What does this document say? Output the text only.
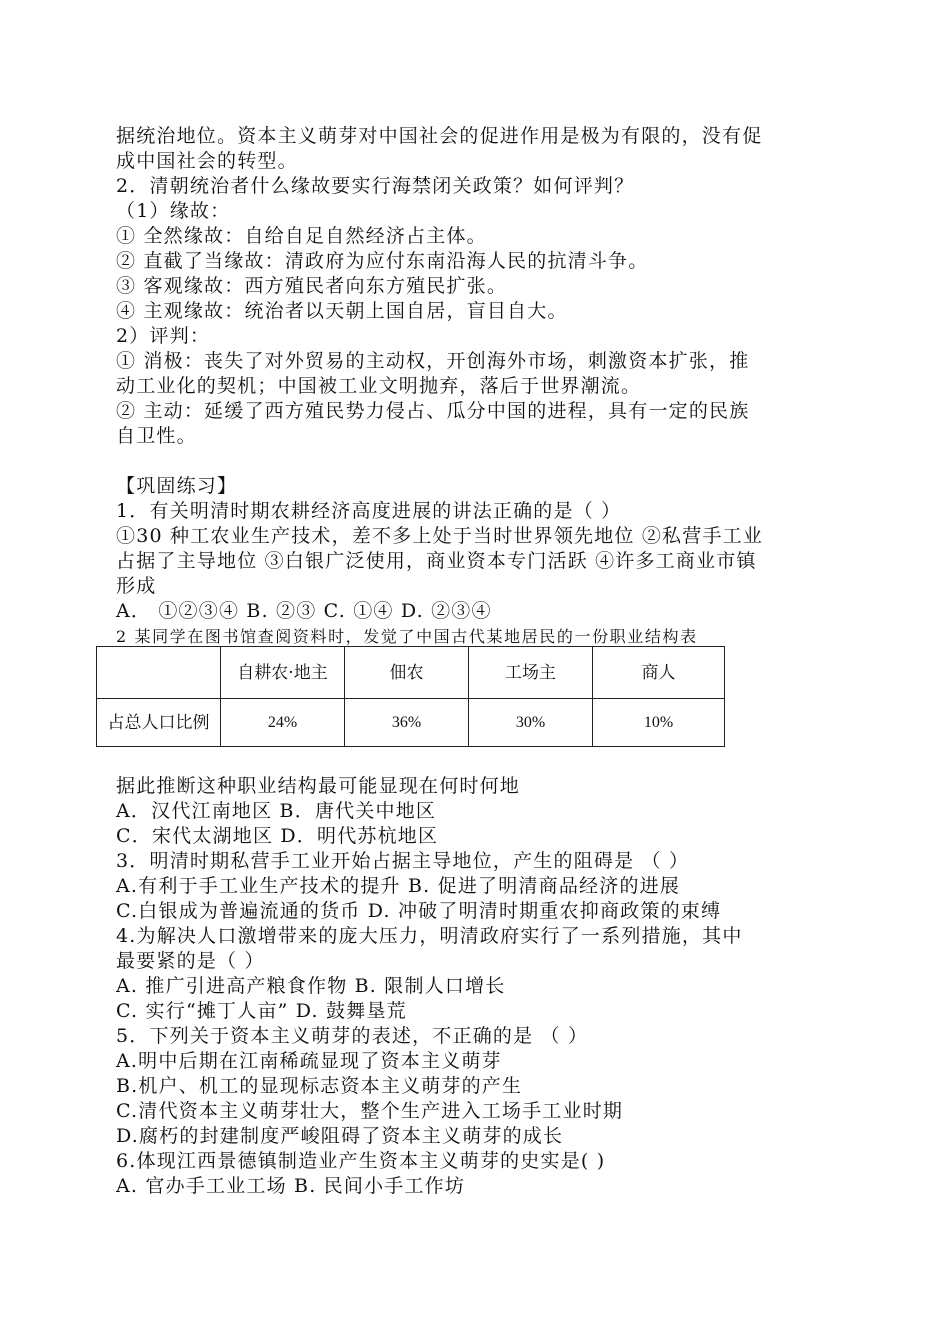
据统治地位。资本主义萌芽对中国社会的促进作用是极为有限的，没有促
成中国社会的转型。
2．清朝统治者什么缘故要实行海禁闭关政策？如何评判？
（1）缘故：
① 全然缘故：自给自足自然经济占主体。
② 直截了当缘故：清政府为应付东南沿海人民的抗清斗争。
③ 客观缘故：西方殖民者向东方殖民扩张。
④ 主观缘故：统治者以天朝上国自居，盲目自大。
2）评判：
① 消极：丧失了对外贸易的主动权，开创海外市场，刺激资本扩张，推
动工业化的契机；中国被工业文明抛弃，落后于世界潮流。
② 主动：延缓了西方殖民势力侵占、瓜分中国的进程，具有一定的民族
自卫性。
【巩固练习】
1．有关明清时期农耕经济高度进展的讲法正确的是（ ）
①30 种工农业生产技术，差不多上处于当时世界领先地位 ②私营手工业
占据了主导地位 ③白银广泛使用，商业资本专门活跃 ④许多工商业市镇
形成
A． ①②③④ B. ②③ C. ①④ D. ②③④
2 某同学在图书馆查阅资料时，发觉了中国古代某地居民的一份职业结构表
	自耕农·地主	佃农	工场主	商人
占总人口比例	24%	36%	30%	10%
据此推断这种职业结构最可能显现在何时何地
A．汉代江南地区 B．唐代关中地区
C．宋代太湖地区 D．明代苏杭地区
3．明清时期私营手工业开始占据主导地位，产生的阻碍是 （ ）
A.有利于手工业生产技术的提升 B. 促进了明清商品经济的进展
C.白银成为普遍流通的货币 D. 冲破了明清时期重农抑商政策的束缚
4.为解决人口激增带来的庞大压力，明清政府实行了一系列措施，其中
最要紧的是（ ）
A. 推广引进高产粮食作物 B. 限制人口增长
C. 实行“摊丁人亩” D. 鼓舞垦荒
5．下列关于资本主义萌芽的表述，不正确的是 （ ）
A.明中后期在江南稀疏显现了资本主义萌芽
B.机户、机工的显现标志资本主义萌芽的产生
C.清代资本主义萌芽壮大，整个生产进入工场手工业时期
D.腐朽的封建制度严峻阻碍了资本主义萌芽的成长
6.体现江西景德镇制造业产生资本主义萌芽的史实是( )
A. 官办手工业工场 B. 民间小手工作坊
